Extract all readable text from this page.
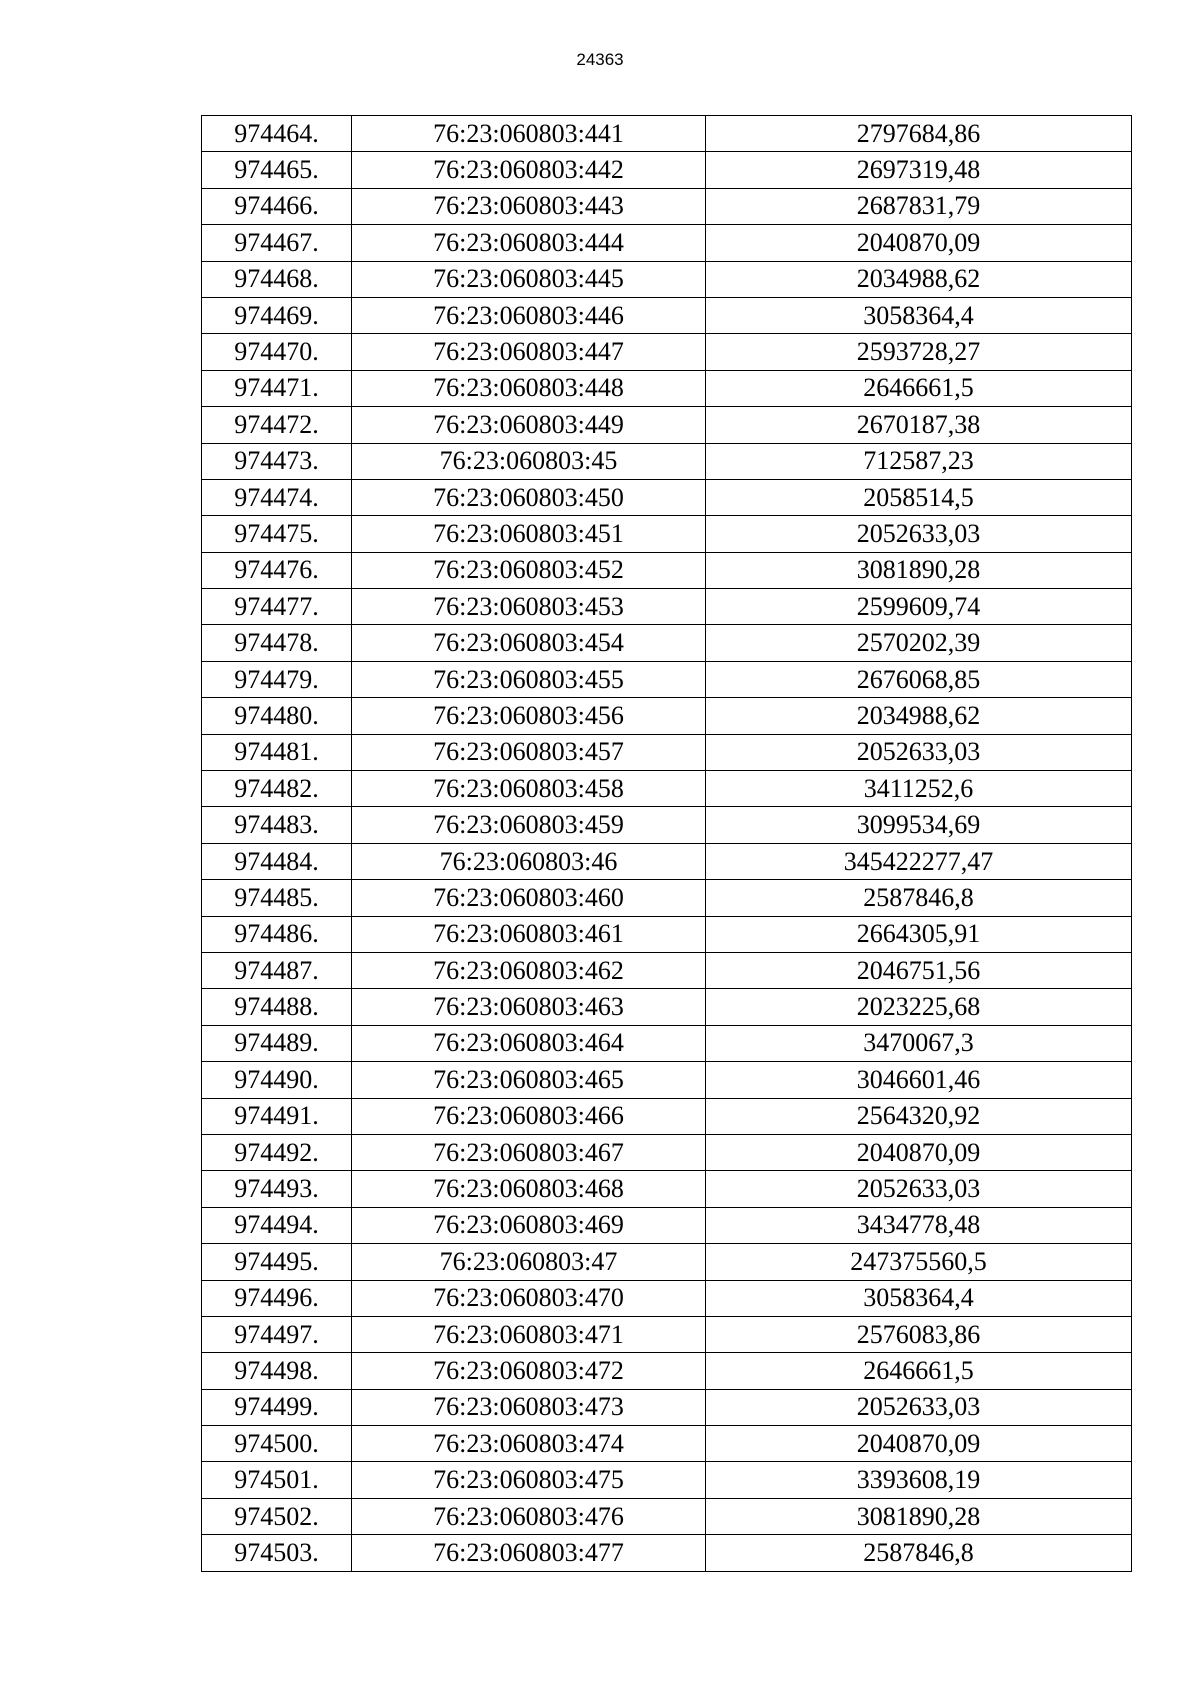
24363
974464.	76:23:060803:441	2797684,86
974465.	76:23:060803:442	2697319,48
974466.	76:23:060803:443	2687831,79
974467.	76:23:060803:444	2040870,09
974468.	76:23:060803:445	2034988,62
974469.	76:23:060803:446	3058364,4
974470.	76:23:060803:447	2593728,27
974471.	76:23:060803:448	2646661,5
974472.	76:23:060803:449	2670187,38
974473.	76:23:060803:45	712587,23
974474.	76:23:060803:450	2058514,5
974475.	76:23:060803:451	2052633,03
974476.	76:23:060803:452	3081890,28
974477.	76:23:060803:453	2599609,74
974478.	76:23:060803:454	2570202,39
974479.	76:23:060803:455	2676068,85
974480.	76:23:060803:456	2034988,62
974481.	76:23:060803:457	2052633,03
974482.	76:23:060803:458	3411252,6
974483.	76:23:060803:459	3099534,69
974484.	76:23:060803:46	345422277,47
974485.	76:23:060803:460	2587846,8
974486.	76:23:060803:461	2664305,91
974487.	76:23:060803:462	2046751,56
974488.	76:23:060803:463	2023225,68
974489.	76:23:060803:464	3470067,3
974490.	76:23:060803:465	3046601,46
974491.	76:23:060803:466	2564320,92
974492.	76:23:060803:467	2040870,09
974493.	76:23:060803:468	2052633,03
974494.	76:23:060803:469	3434778,48
974495.	76:23:060803:47	247375560,5
974496.	76:23:060803:470	3058364,4
974497.	76:23:060803:471	2576083,86
974498.	76:23:060803:472	2646661,5
974499.	76:23:060803:473	2052633,03
974500.	76:23:060803:474	2040870,09
974501.	76:23:060803:475	3393608,19
974502.	76:23:060803:476	3081890,28
974503.	76:23:060803:477	2587846,8
